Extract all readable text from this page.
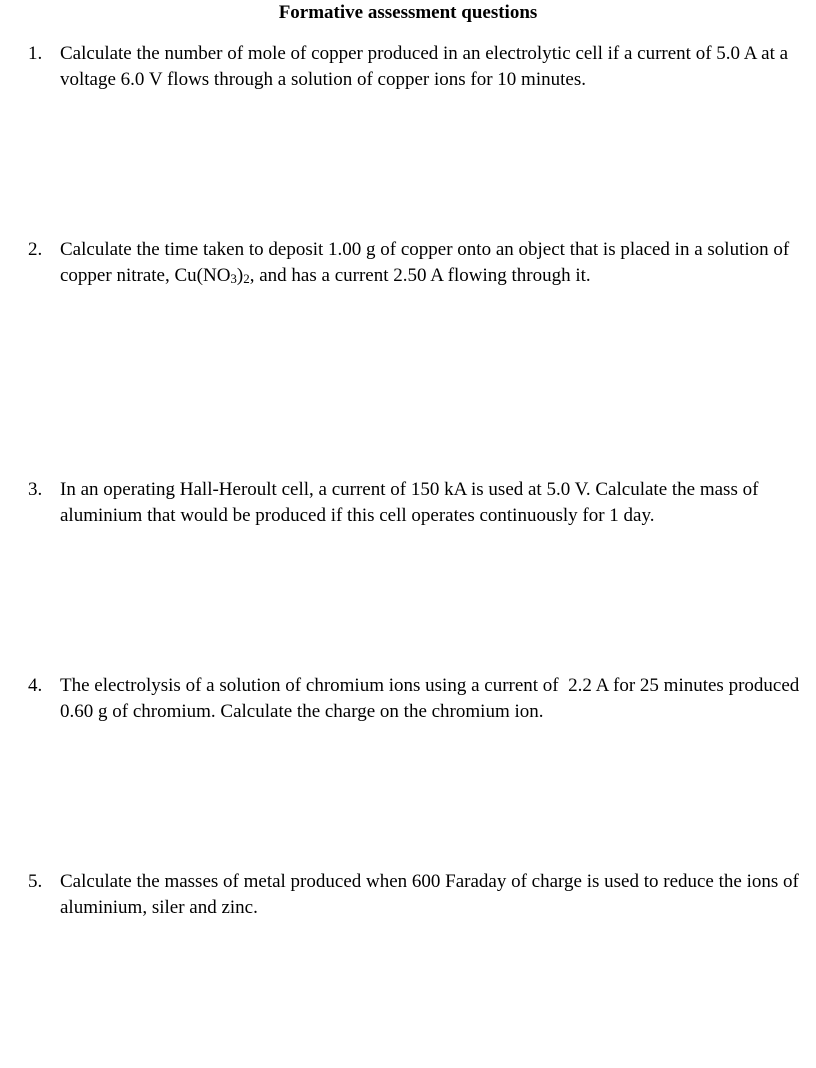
Formative assessment questions
1. Calculate the number of mole of copper produced in an electrolytic cell if a current of 5.0 A at a voltage 6.0 V flows through a solution of copper ions for 10 minutes.
2. Calculate the time taken to deposit 1.00 g of copper onto an object that is placed in a solution of copper nitrate, $Cu(NO_3)_2$, and has a current 2.50 A flowing through it.
3. In an operating Hall-Heroult cell, a current of 150 kA is used at 5.0 V. Calculate the mass of aluminium that would be produced if this cell operates continuously for 1 day.
4. The electrolysis of a solution of chromium ions using a current of  2.2 A for 25 minutes produced  0.60 g of chromium. Calculate the charge on the chromium ion.
5. Calculate the masses of metal produced when 600 Faraday of charge is used to reduce the ions of aluminium, siler and zinc.
